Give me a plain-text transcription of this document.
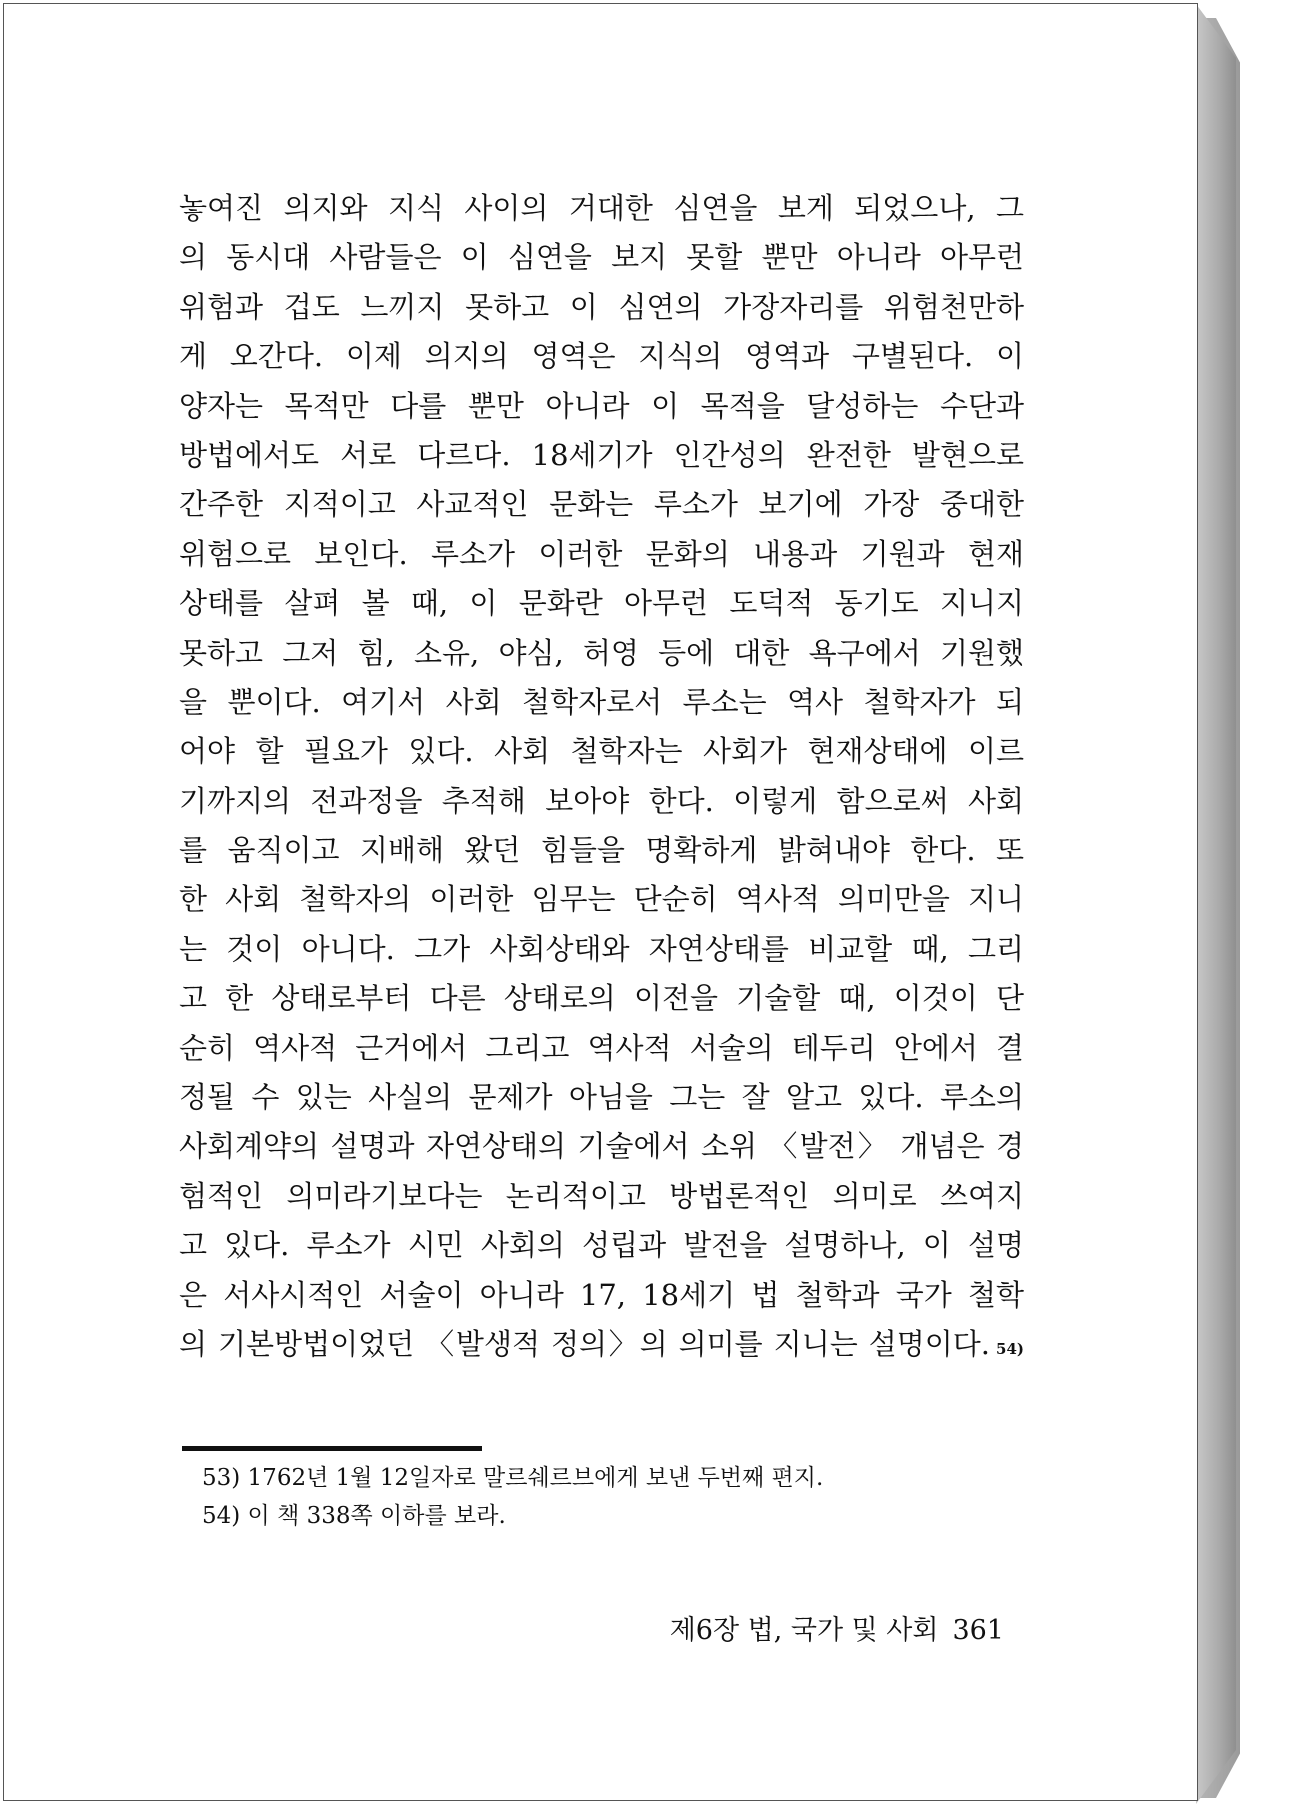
놓여진 의지와 지식 사이의 거대한 심연을 보게 되었으나, 그
의 동시대 사람들은 이 심연을 보지 못할 뿐만 아니라 아무런
위험과 겁도 느끼지 못하고 이 심연의 가장자리를 위험천만하
게 오간다. 이제 의지의 영역은 지식의 영역과 구별된다. 이
양자는 목적만 다를 뿐만 아니라 이 목적을 달성하는 수단과
방법에서도 서로 다르다. 18세기가 인간성의 완전한 발현으로
간주한 지적이고 사교적인 문화는 루소가 보기에 가장 중대한
위험으로 보인다. 루소가 이러한 문화의 내용과 기원과 현재
상태를 살펴 볼 때, 이 문화란 아무런 도덕적 동기도 지니지
못하고 그저 힘, 소유, 야심, 허영 등에 대한 욕구에서 기원했
을 뿐이다. 여기서 사회 철학자로서 루소는 역사 철학자가 되
어야 할 필요가 있다. 사회 철학자는 사회가 현재상태에 이르
기까지의 전과정을 추적해 보아야 한다. 이렇게 함으로써 사회
를 움직이고 지배해 왔던 힘들을 명확하게 밝혀내야 한다. 또
한 사회 철학자의 이러한 임무는 단순히 역사적 의미만을 지니
는 것이 아니다. 그가 사회상태와 자연상태를 비교할 때, 그리
고 한 상태로부터 다른 상태로의 이전을 기술할 때, 이것이 단
순히 역사적 근거에서 그리고 역사적 서술의 테두리 안에서 결
정될 수 있는 사실의 문제가 아님을 그는 잘 알고 있다. 루소의
사회계약의 설명과 자연상태의 기술에서 소위 〈발전〉 개념은 경
험적인 의미라기보다는 논리적이고 방법론적인 의미로 쓰여지
고 있다. 루소가 시민 사회의 성립과 발전을 설명하나, 이 설명
은 서사시적인 서술이 아니라 17, 18세기 법 철학과 국가 철학
의 기본방법이었던 〈발생적 정의〉의 의미를 지니는 설명이다. 54)
53) 1762년 1월 12일자로 말르쉐르브에게 보낸 두번째 편지.
54) 이 책 338쪽 이하를 보라.
제6장 법, 국가 및 사회 361
